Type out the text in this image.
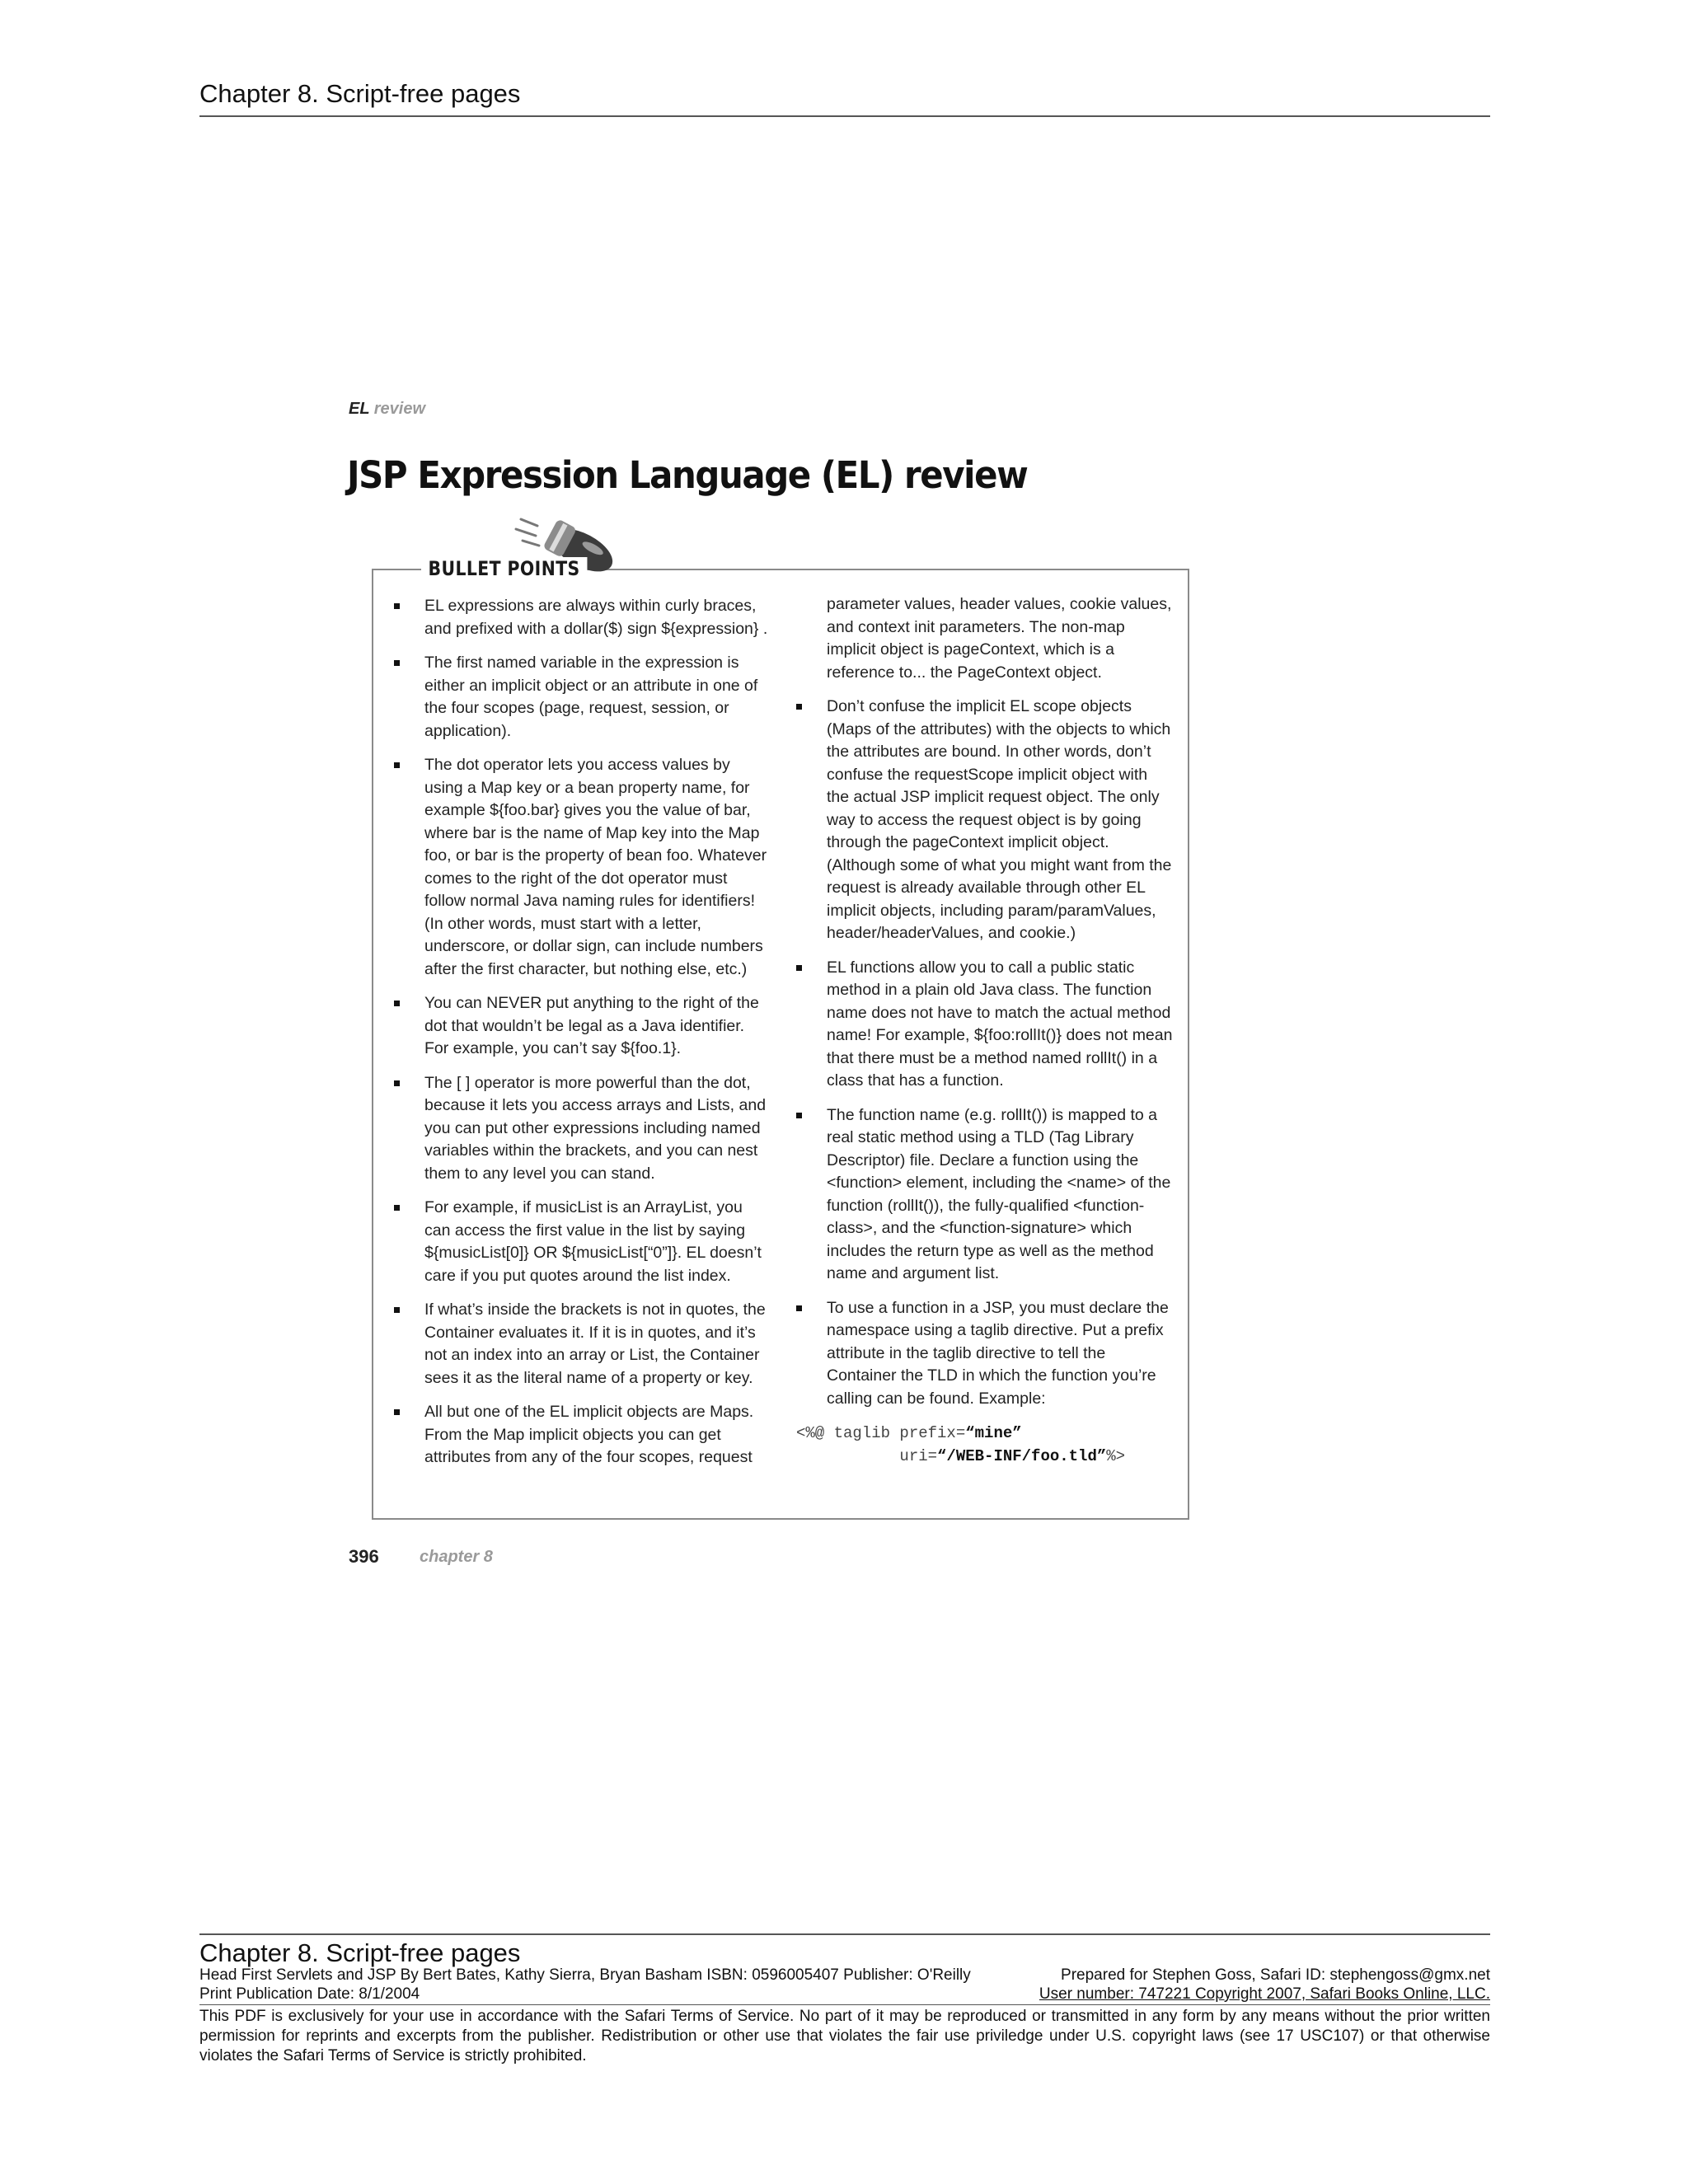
Chapter 8. Script-free pages
EL review
JSP Expression Language (EL) review
BULLET POINTS
EL expressions are always within curly braces, and prefixed with a dollar($) sign ${expression} .
The first named variable in the expression is either an implicit object or an attribute in one of the four scopes (page, request, session, or application).
The dot operator lets you access values by using a Map key or a bean property name, for example ${foo.bar} gives you the value of bar, where bar is the name of Map key into the Map foo, or bar is the property of bean foo. Whatever comes to the right of the dot operator must follow normal Java naming rules for identifiers! (In other words, must start with a letter, underscore, or dollar sign, can include numbers after the first character, but nothing else, etc.)
You can NEVER put anything to the right of the dot that wouldn’t be legal as a Java identifier. For example, you can’t say ${foo.1}.
The [ ] operator is more powerful than the dot, because it lets you access arrays and Lists, and you can put other expressions including named variables within the brackets, and you can nest them to any level you can stand.
For example, if musicList is an ArrayList, you can access the first value in the list by saying ${musicList[0]} OR ${musicList[“0”]}. EL doesn’t care if you put quotes around the list index.
If what’s inside the brackets is not in quotes, the Container evaluates it. If it is in quotes, and it’s not an index into an array or List, the Container sees it as the literal name of a property or key.
All but one of the EL implicit objects are Maps. From the Map implicit objects you can get attributes from any of the four scopes, request
parameter values, header values, cookie values, and context init parameters. The non-map implicit object is pageContext, which is a reference to... the PageContext object.
Don’t confuse the implicit EL scope objects (Maps of the attributes) with the objects to which the attributes are bound. In other words, don’t confuse the requestScope implicit object with the actual JSP implicit request object. The only way to access the request object is by going through the pageContext implicit object. (Although some of what you might want from the request is already available through other EL implicit objects, including param/paramValues, header/headerValues, and cookie.)
EL functions allow you to call a public static method in a plain old Java class. The function name does not have to match the actual method name! For example, ${foo:rollIt()} does not mean that there must be a method named rollIt() in a class that has a function.
The function name (e.g. rollIt()) is mapped to a real static method using a TLD (Tag Library Descriptor) file. Declare a function using the <function> element, including the <name> of the function (rollIt()), the fully-qualified <function-class>, and the <function-signature> which includes the return type as well as the method name and argument list.
To use a function in a JSP, you must declare the namespace using a taglib directive. Put a prefix attribute in the taglib directive to tell the Container the TLD in which the function you’re calling can be found. Example:
<%@ taglib prefix=“mine”
uri=“/WEB-INF/foo.tld”%>
396 chapter 8
Chapter 8. Script-free pages
Head First Servlets and JSP By Bert Bates, Kathy Sierra, Bryan Basham ISBN: 0596005407 Publisher: O'Reilly	Prepared for Stephen Goss, Safari ID: stephengoss@gmx.net
Print Publication Date: 8/1/2004	User number: 747221 Copyright 2007, Safari Books Online, LLC.
This PDF is exclusively for your use in accordance with the Safari Terms of Service. No part of it may be reproduced or transmitted in any form by any means without the prior written permission for reprints and excerpts from the publisher. Redistribution or other use that violates the fair use priviledge under U.S. copyright laws (see 17 USC107) or that otherwise violates the Safari Terms of Service is strictly prohibited.
